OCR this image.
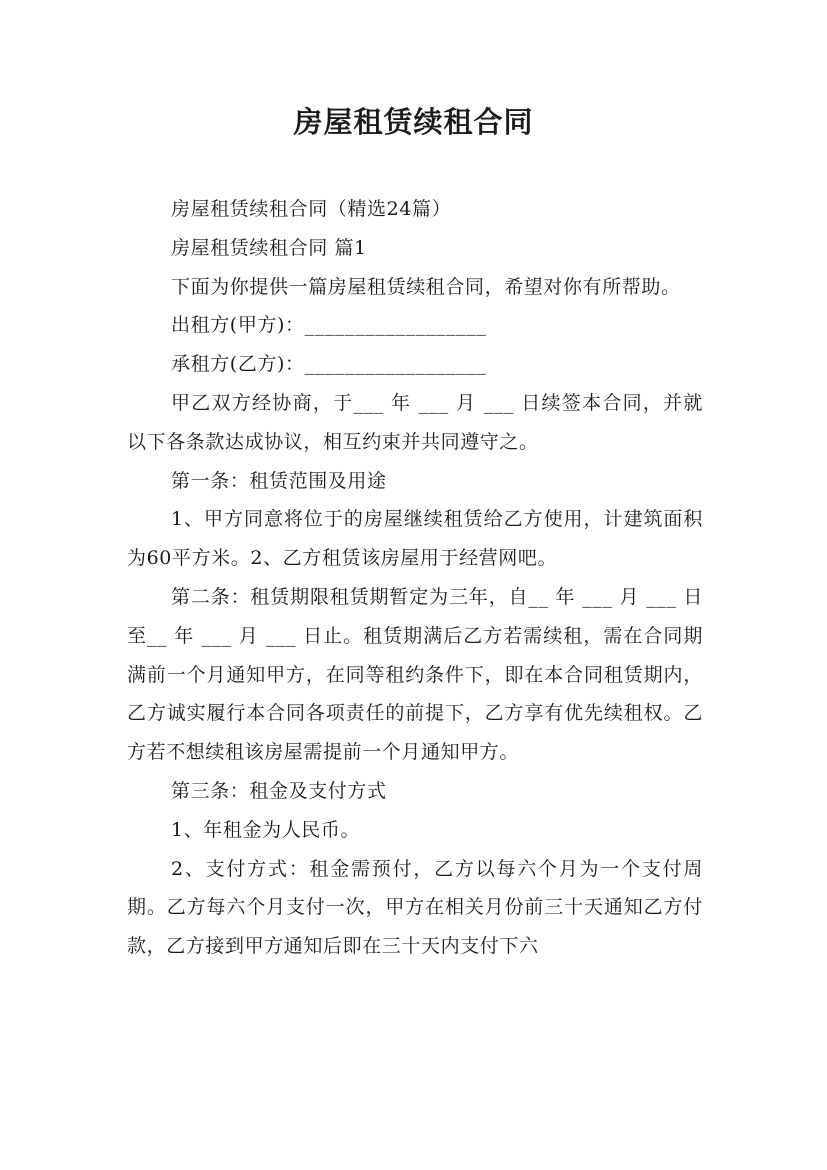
房屋租赁续租合同

房屋租赁续租合同（精选24篇）

房屋租赁续租合同 篇1

下面为你提供一篇房屋租赁续租合同，希望对你有所帮助。

出租方(甲方)：__________________

承租方(乙方)：__________________

甲乙双方经协商，于___ 年 ___ 月 ___ 日续签本合同，并就以下各条款达成协议，相互约束并共同遵守之。

第一条：租赁范围及用途

1、甲方同意将位于的房屋继续租赁给乙方使用，计建筑面积为60平方米。2、乙方租赁该房屋用于经营网吧。

第二条：租赁期限租赁期暂定为三年，自__ 年 ___ 月 ___ 日至__ 年 ___ 月 ___ 日止。租赁期满后乙方若需续租，需在合同期满前一个月通知甲方，在同等租约条件下，即在本合同租赁期内，乙方诚实履行本合同各项责任的前提下，乙方享有优先续租权。乙方若不想续租该房屋需提前一个月通知甲方。

第三条：租金及支付方式

1、年租金为人民币。

2、支付方式：租金需预付，乙方以每六个月为一个支付周期。乙方每六个月支付一次，甲方在相关月份前三十天通知乙方付款，乙方接到甲方通知后即在三十天内支付下六
